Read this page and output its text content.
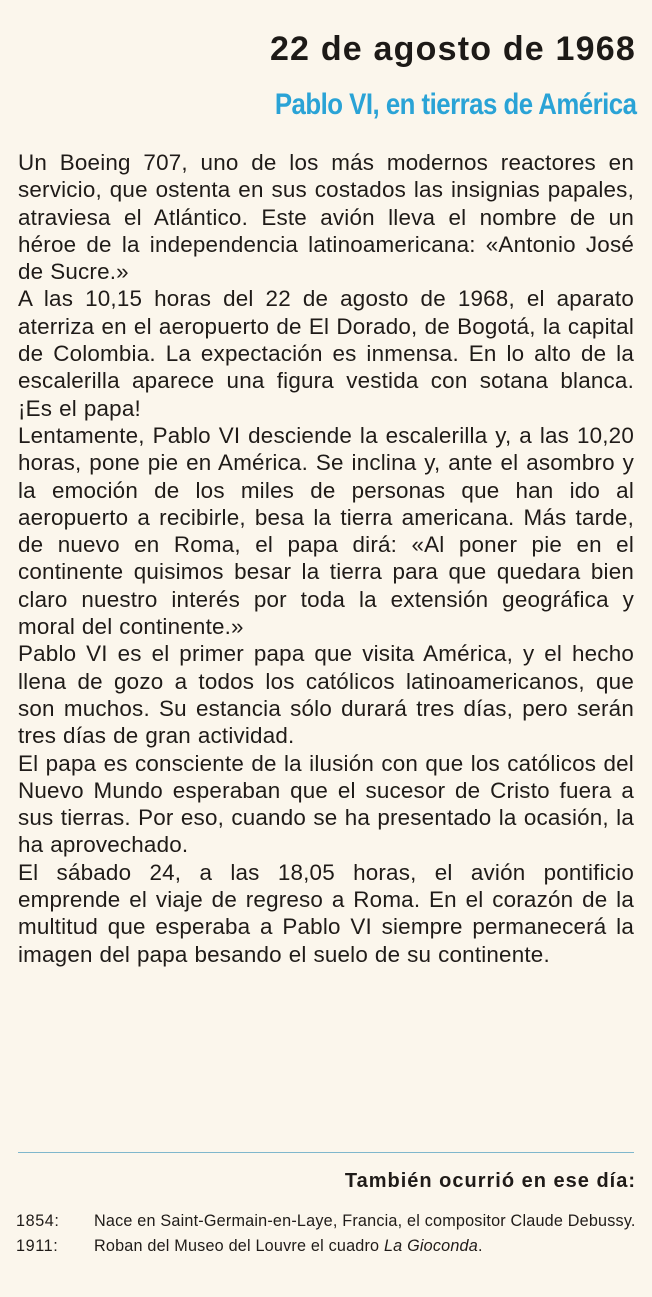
22 de agosto de 1968
Pablo VI, en tierras de América

Un Boeing 707, uno de los más modernos reactores en servicio, que ostenta en sus costados las insignias papales, atraviesa el Atlántico. Este avión lleva el nombre de un héroe de la independencia latinoamericana: «Antonio José de Sucre.»

A las 10,15 horas del 22 de agosto de 1968, el aparato aterriza en el aeropuerto de El Dorado, de Bogotá, la capital de Colombia. La expectación es inmensa. En lo alto de la escalerilla aparece una figura vestida con sotana blanca. ¡Es el papa!

Lentamente, Pablo VI desciende la escalerilla y, a las 10,20 horas, pone pie en América. Se inclina y, ante el asombro y la emoción de los miles de personas que han ido al aeropuerto a recibirle, besa la tierra americana. Más tarde, de nuevo en Roma, el papa dirá: «Al poner pie en el continente quisimos besar la tierra para que quedara bien claro nuestro interés por toda la extensión geográfica y moral del continente.»

Pablo VI es el primer papa que visita América, y el hecho llena de gozo a todos los católicos latinoamericanos, que son muchos. Su estancia sólo durará tres días, pero serán tres días de gran actividad.

El papa es consciente de la ilusión con que los católicos del Nuevo Mundo esperaban que el sucesor de Cristo fuera a sus tierras. Por eso, cuando se ha presentado la ocasión, la ha aprovechado.

El sábado 24, a las 18,05 horas, el avión pontificio emprende el viaje de regreso a Roma. En el corazón de la multitud que esperaba a Pablo VI siempre permanecerá la imagen del papa besando el suelo de su continente.

También ocurrió en ese día:
1854:	Nace en Saint-Germain-en-Laye, Francia, el compositor Claude Debussy.
1911:	Roban del Museo del Louvre el cuadro La Gioconda.
